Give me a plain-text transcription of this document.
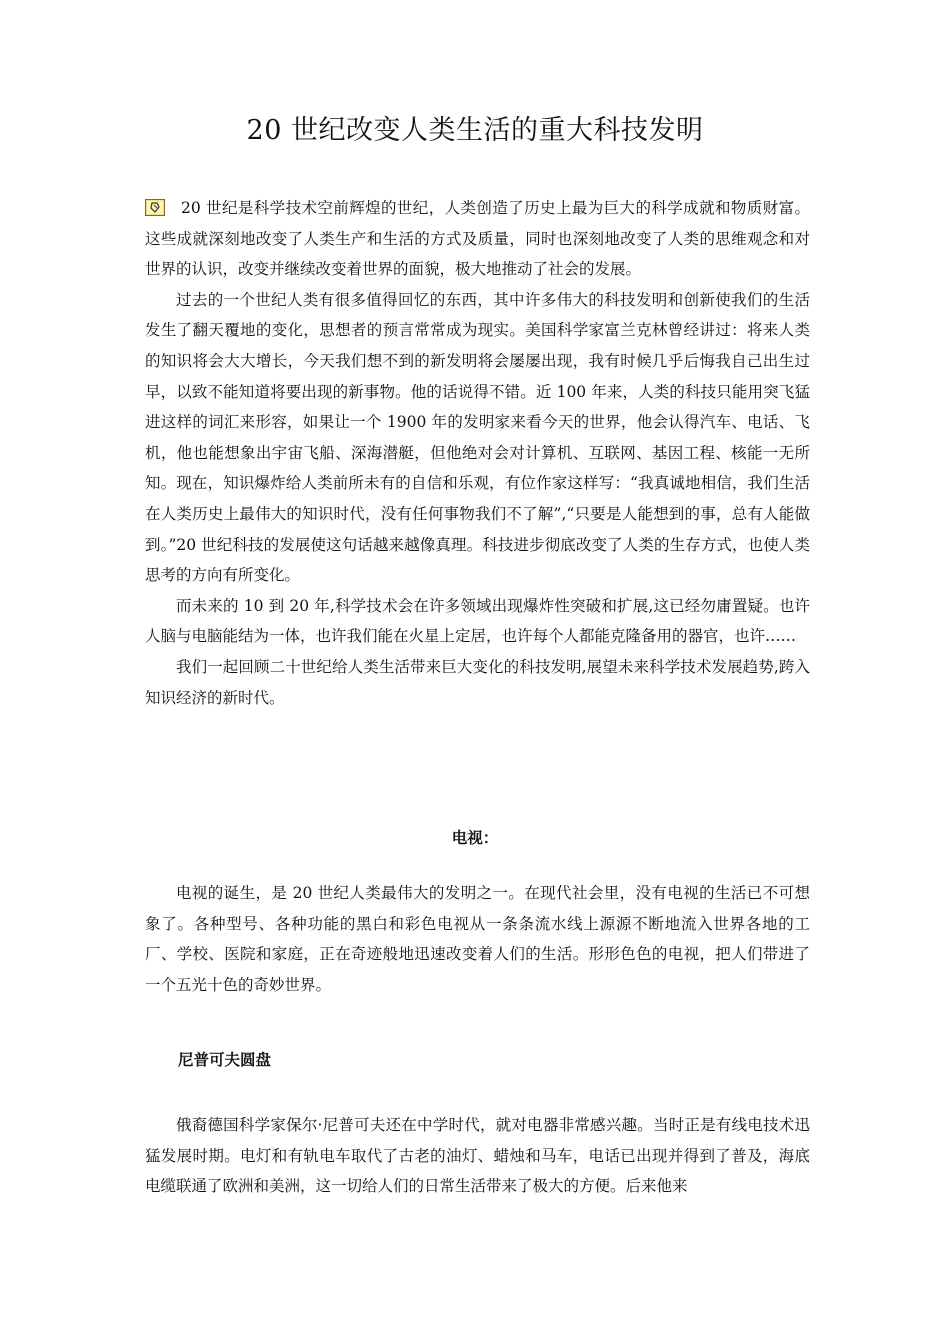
20 世纪改变人类生活的重大科技发明

20 世纪是科学技术空前辉煌的世纪，人类创造了历史上最为巨大的科学成就和物质财富。这些成就深刻地改变了人类生产和生活的方式及质量，同时也深刻地改变了人类的思维观念和对世界的认识，改变并继续改变着世界的面貌，极大地推动了社会的发展。

过去的一个世纪人类有很多值得回忆的东西，其中许多伟大的科技发明和创新使我们的生活发生了翻天覆地的变化，思想者的预言常常成为现实。美国科学家富兰克林曾经讲过：将来人类的知识将会大大增长，今天我们想不到的新发明将会屡屡出现，我有时候几乎后悔我自己出生过早，以致不能知道将要出现的新事物。他的话说得不错。近 100 年来，人类的科技只能用突飞猛进这样的词汇来形容，如果让一个 1900 年的发明家来看今天的世界，他会认得汽车、电话、飞机，他也能想象出宇宙飞船、深海潜艇，但他绝对会对计算机、互联网、基因工程、核能一无所知。现在，知识爆炸给人类前所未有的自信和乐观，有位作家这样写：“我真诚地相信，我们生活在人类历史上最伟大的知识时代，没有任何事物我们不了解”,“只要是人能想到的事，总有人能做到。”20 世纪科技的发展使这句话越来越像真理。科技进步彻底改变了人类的生存方式，也使人类思考的方向有所变化。

而未来的 10 到 20 年,科学技术会在许多领域出现爆炸性突破和扩展,这已经勿庸置疑。也许人脑与电脑能结为一体，也许我们能在火星上定居，也许每个人都能克隆备用的器官，也许……

我们一起回顾二十世纪给人类生活带来巨大变化的科技发明,展望未来科学技术发展趋势,跨入知识经济的新时代。

电视：

电视的诞生，是 20 世纪人类最伟大的发明之一。在现代社会里，没有电视的生活已不可想象了。各种型号、各种功能的黑白和彩色电视从一条条流水线上源源不断地流入世界各地的工厂、学校、医院和家庭，正在奇迹般地迅速改变着人们的生活。形形色色的电视，把人们带进了一个五光十色的奇妙世界。

尼普可夫圆盘

俄裔德国科学家保尔·尼普可夫还在中学时代，就对电器非常感兴趣。当时正是有线电技术迅猛发展时期。电灯和有轨电车取代了古老的油灯、蜡烛和马车，电话已出现并得到了普及，海底电缆联通了欧洲和美洲，这一切给人们的日常生活带来了极大的方便。后来他来
